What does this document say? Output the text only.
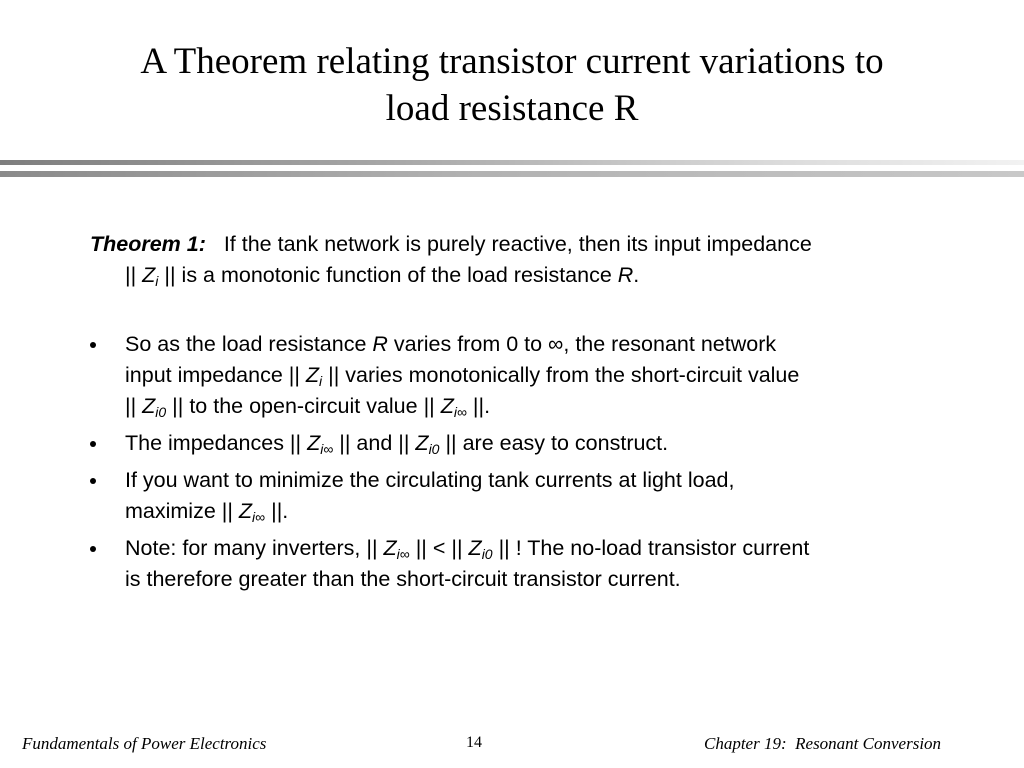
A Theorem relating transistor current variations to
load resistance R
Theorem 1: If the tank network is purely reactive, then its input impedance
|| $Z_i$ || is a monotonic function of the load resistance R.
So as the load resistance R varies from 0 to ∞, the resonant network
input impedance || $Z_i$ || varies monotonically from the short-circuit value
|| $Z_{i0}$ || to the open-circuit value || $Z_{i\infty}$ ||.
The impedances || $Z_{i\infty}$ || and || $Z_{i0}$ || are easy to construct.
If you want to minimize the circulating tank currents at light load,
maximize || $Z_{i\infty}$ ||.
Note: for many inverters, || $Z_{i\infty}$ || < || $Z_{i0}$ || ! The no-load transistor current
is therefore greater than the short-circuit transistor current.
Fundamentals of Power Electronics	14	Chapter 19:  Resonant Conversion
